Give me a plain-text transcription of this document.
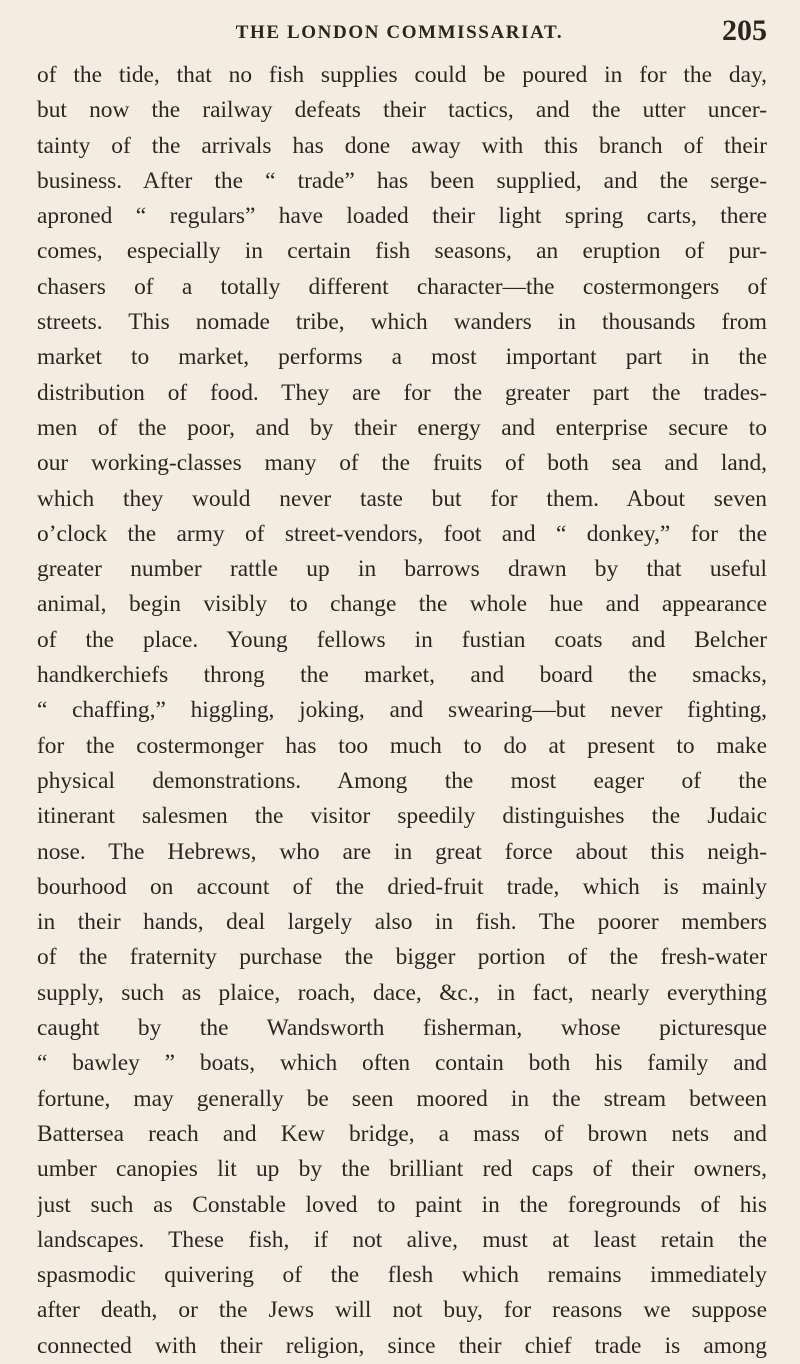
THE LONDON COMMISSARIAT.	205
of the tide, that no fish supplies could be poured in for the day,
but now the railway defeats their tactics, and the utter uncer-
tainty of the arrivals has done away with this branch of their
business. After the “ trade” has been supplied, and the serge-
aproned “ regulars” have loaded their light spring carts, there
comes, especially in certain fish seasons, an eruption of pur-
chasers of a totally different character—the costermongers of
streets. This nomade tribe, which wanders in thousands from
market to market, performs a most important part in the
distribution of food. They are for the greater part the trades-
men of the poor, and by their energy and enterprise secure to
our working-classes many of the fruits of both sea and land,
which they would never taste but for them. About seven
o’clock the army of street-vendors, foot and “ donkey,” for the
greater number rattle up in barrows drawn by that useful
animal, begin visibly to change the whole hue and appearance
of the place. Young fellows in fustian coats and Belcher
handkerchiefs throng the market, and board the smacks,
“ chaffing,” higgling, joking, and swearing—but never fighting,
for the costermonger has too much to do at present to make
physical demonstrations. Among the most eager of the
itinerant salesmen the visitor speedily distinguishes the Judaic
nose. The Hebrews, who are in great force about this neigh-
bourhood on account of the dried-fruit trade, which is mainly
in their hands, deal largely also in fish. The poorer members
of the fraternity purchase the bigger portion of the fresh-water
supply, such as plaice, roach, dace, &c., in fact, nearly everything
caught by the Wandsworth fisherman, whose picturesque
“ bawley ” boats, which often contain both his family and
fortune, may generally be seen moored in the stream between
Battersea reach and Kew bridge, a mass of brown nets and
umber canopies lit up by the brilliant red caps of their owners,
just such as Constable loved to paint in the foregrounds of his
landscapes. These fish, if not alive, must at least retain the
spasmodic quivering of the flesh which remains immediately
after death, or the Jews will not buy, for reasons we suppose
connected with their religion, since their chief trade is among
